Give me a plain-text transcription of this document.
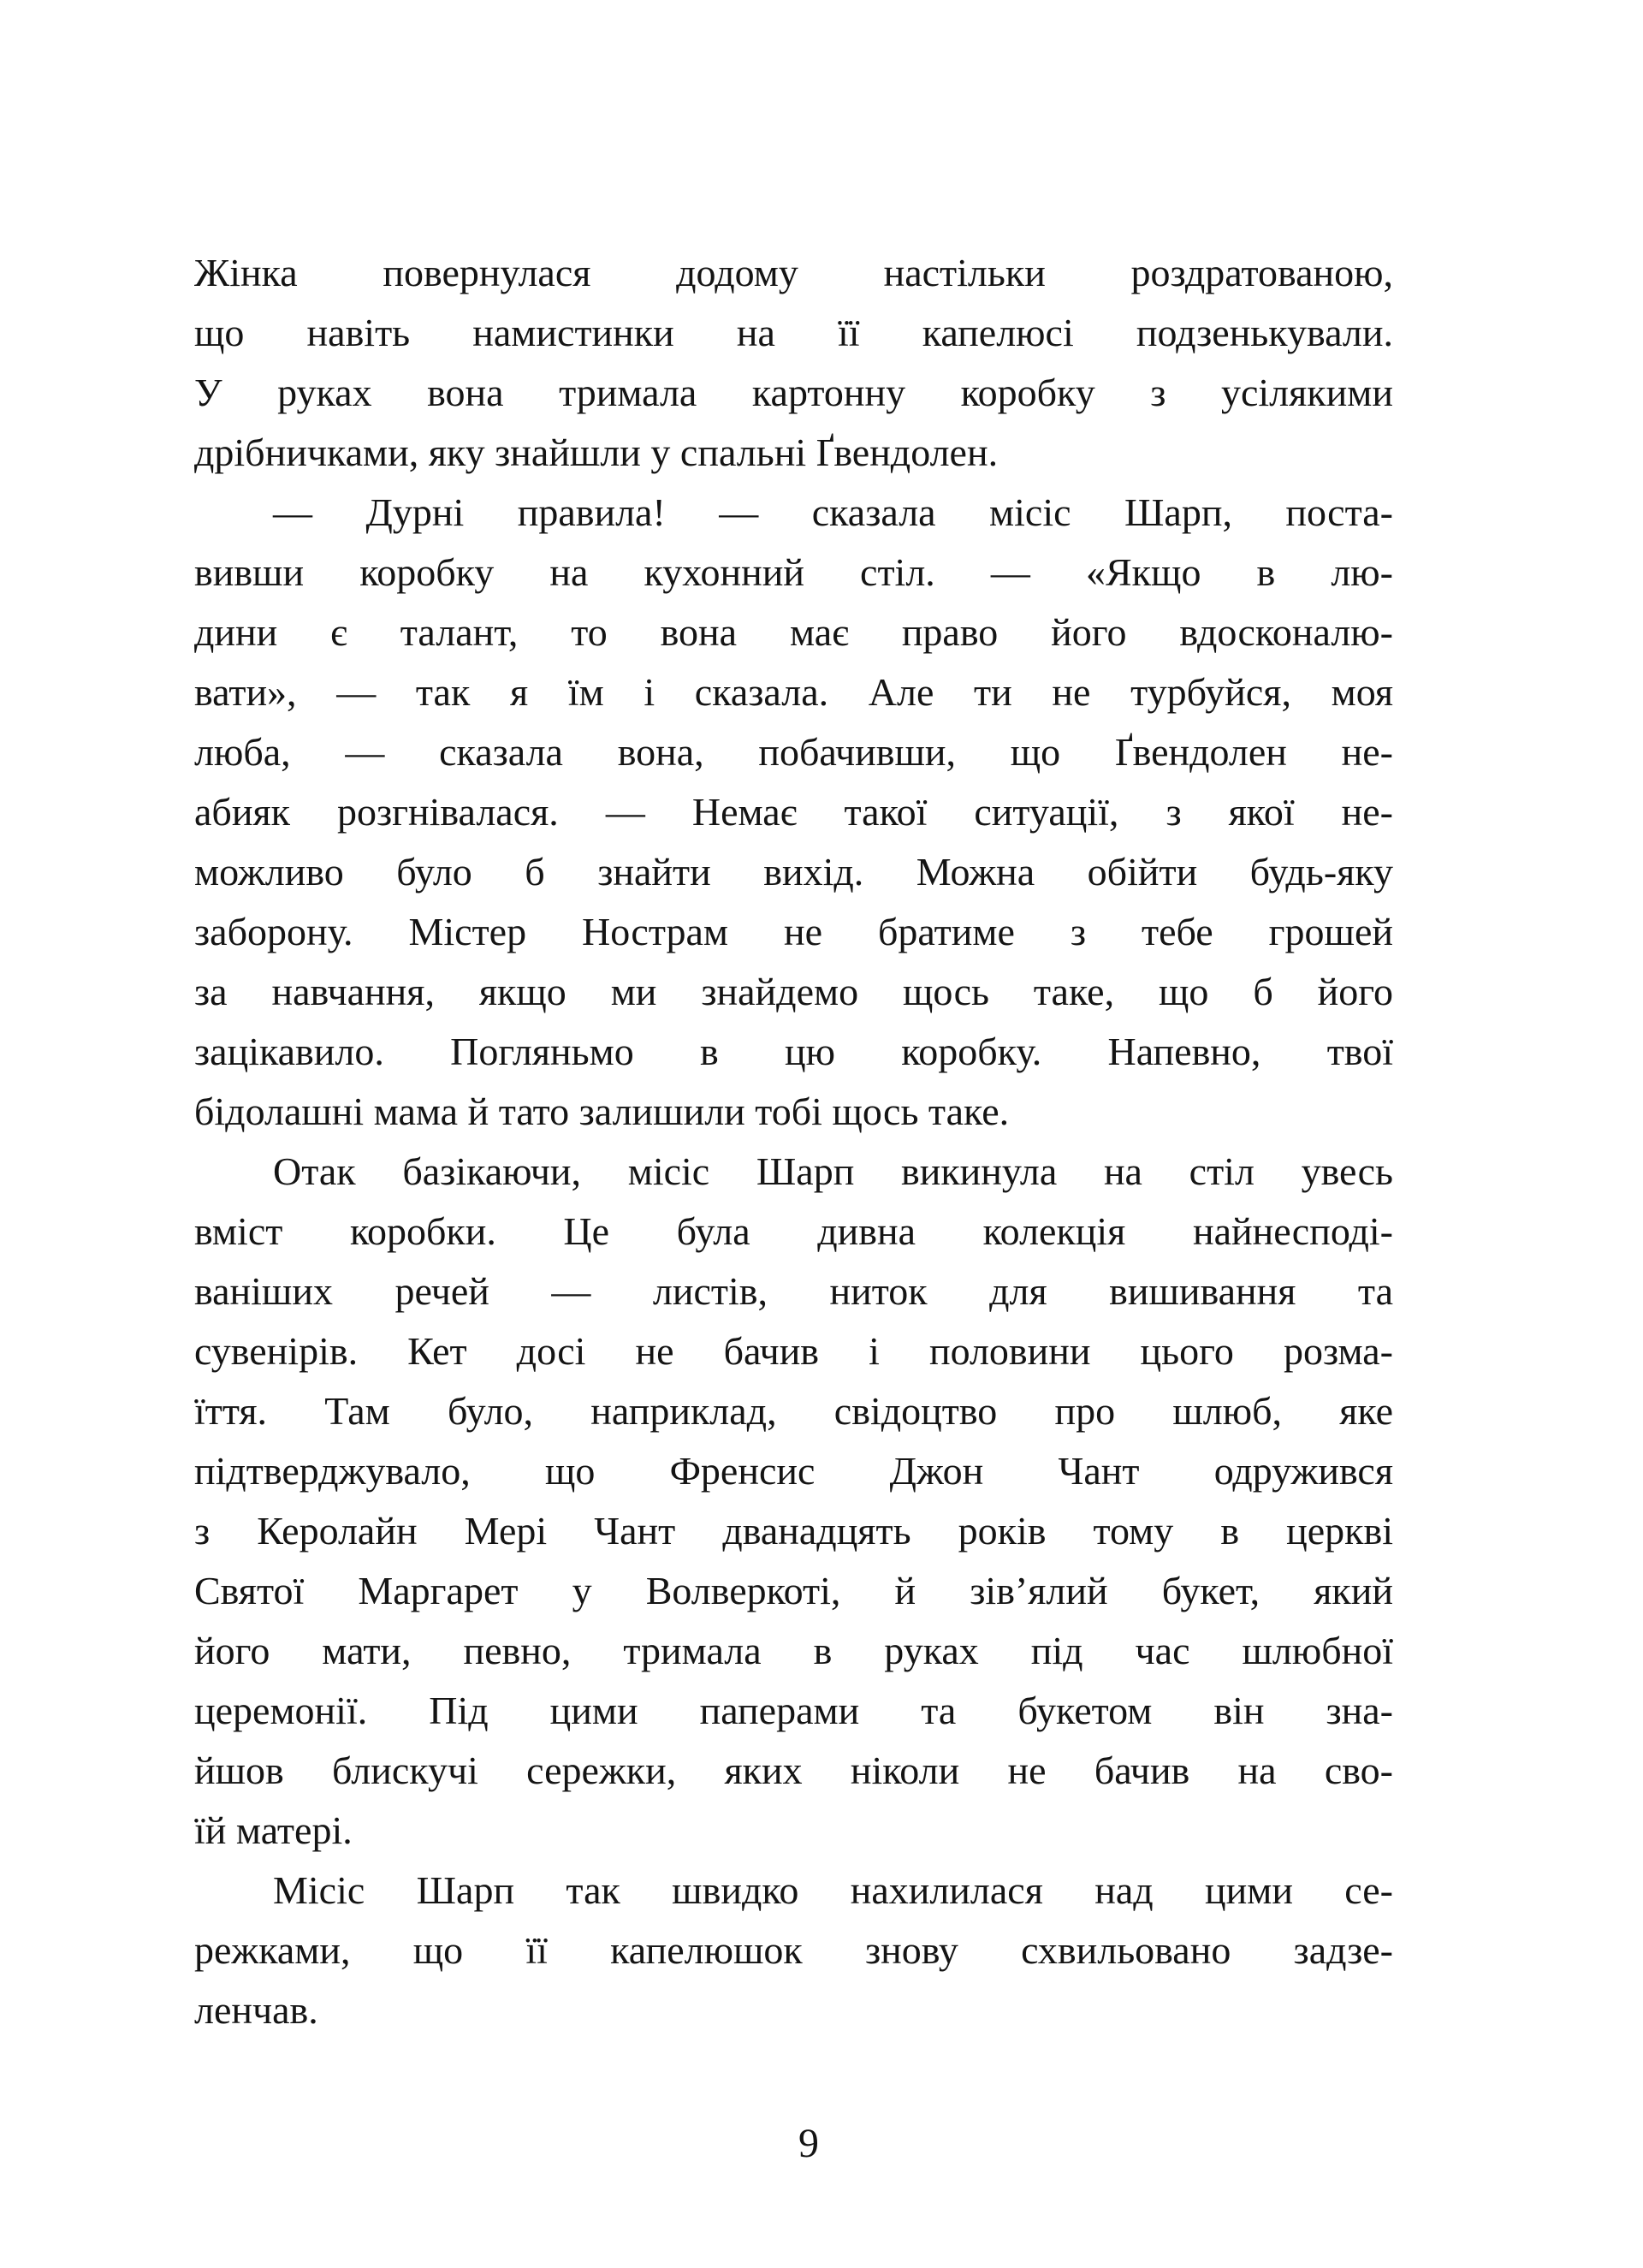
Жінка повернулася додому настільки роздратованою,
що навіть намистинки на її капелюсі подзенькували.
У руках вона тримала картонну коробку з усілякими
дрібничками, яку знайшли у спальні Ґвендолен.

— Дурні правила! — сказала місіс Шарп, поста-
вивши коробку на кухонний стіл. — «Якщо в лю-
дини є талант, то вона має право його вдосконалю-
вати», — так я їм і сказала. Але ти не турбуйся, моя
люба, — сказала вона, побачивши, що Ґвендолен не-
абияк розгнівалася. — Немає такої ситуації, з якої не-
можливо було б знайти вихід. Можна обійти будь-яку
заборону. Містер Нострам не братиме з тебе грошей
за навчання, якщо ми знайдемо щось таке, що б його
зацікавило. Погляньмо в цю коробку. Напевно, твої
бідолашні мама й тато залишили тобі щось таке.

Отак базікаючи, місіс Шарп викинула на стіл увесь
вміст коробки. Це була дивна колекція найнесподі-
ваніших речей — листів, ниток для вишивання та
сувенірів. Кет досі не бачив і половини цього розма-
їття. Там було, наприклад, свідоцтво про шлюб, яке
підтверджувало, що Френсис Джон Чант одружився
з Керолайн Мері Чант дванадцять років тому в церкві
Святої Маргарет у Волверкоті, й зів’ялий букет, який
його мати, певно, тримала в руках під час шлюбної
церемонії. Під цими паперами та букетом він зна-
йшов блискучі сережки, яких ніколи не бачив на сво-
їй матері.

Місіс Шарп так швидко нахилилася над цими се-
режками, що її капелюшок знову схвильовано задзе-
ленчав.

9
